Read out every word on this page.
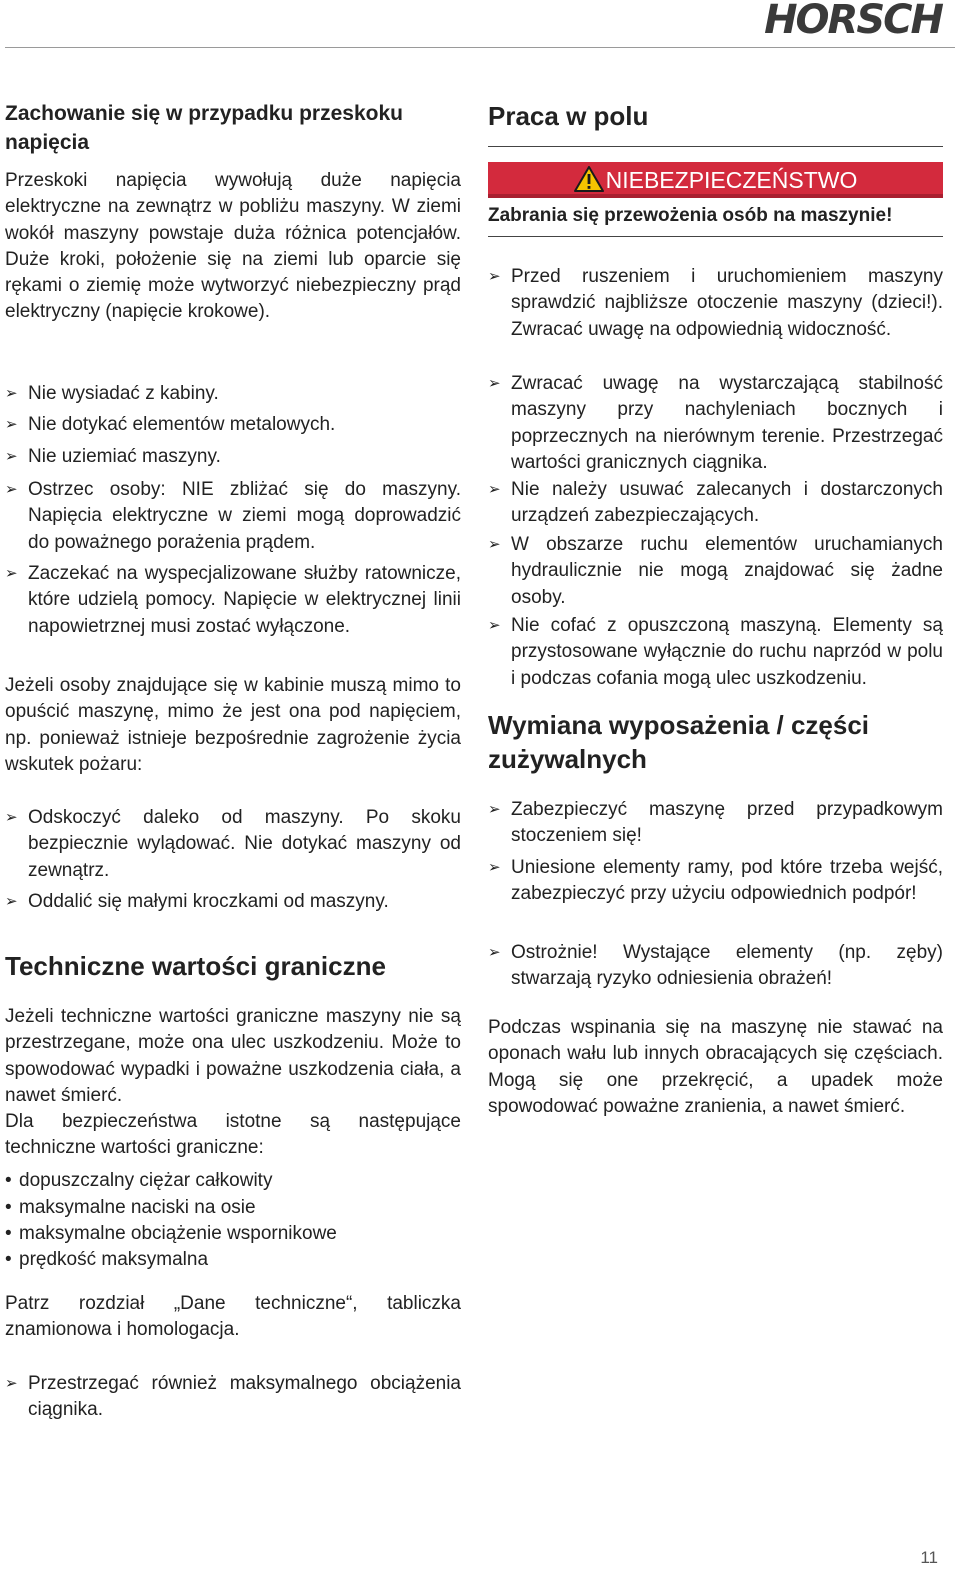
HORSCH
Zachowanie się w przypadku przeskoku napięcia
Przeskoki napięcia wywołują duże napięcia elektryczne na zewnątrz w pobliżu maszyny. W ziemi wokół maszyny powstaje duża różnica potencjałów. Duże kroki, położenie się na ziemi lub oparcie się rękami o ziemię może wytworzyć niebezpieczny prąd elektryczny (napięcie krokowe).
➢ Nie wysiadać z kabiny.
➢ Nie dotykać elementów metalowych.
➢ Nie uziemiać maszyny.
➢ Ostrzec osoby: NIE zbliżać się do maszyny. Napięcia elektryczne w ziemi mogą doprowadzić do poważnego porażenia prądem.
➢ Zaczekać na wyspecjalizowane służby ratownicze, które udzielą pomocy. Napięcie w elektrycznej linii napowietrznej musi zostać wyłączone.
Jeżeli osoby znajdujące się w kabinie muszą mimo to opuścić maszynę, mimo że jest ona pod napięciem, np. ponieważ istnieje bezpośrednie zagrożenie życia wskutek pożaru:
➢ Odskoczyć daleko od maszyny. Po skoku bezpiecznie wylądować. Nie dotykać maszyny od zewnątrz.
➢ Oddalić się małymi kroczkami od maszyny.
Techniczne wartości graniczne
Jeżeli techniczne wartości graniczne maszyny nie są przestrzegane, może ona ulec uszkodzeniu. Może to spowodować wypadki i poważne uszkodzenia ciała, a nawet śmierć.
Dla bezpieczeństwa istotne są następujące techniczne wartości graniczne:
• dopuszczalny ciężar całkowity
• maksymalne naciski na osie
• maksymalne obciążenie wspornikowe
• prędkość maksymalna
Patrz rozdział „Dane techniczne“, tabliczka znamionowa i homologacja.
➢ Przestrzegać również maksymalnego obciążenia ciągnika.
Praca w polu
NIEBEZPIECZEŃSTWO
Zabrania się przewożenia osób na maszynie!
➢ Przed ruszeniem i uruchomieniem maszyny sprawdzić najbliższe otoczenie maszyny (dzieci!). Zwracać uwagę na odpowiednią widoczność.
➢ Zwracać uwagę na wystarczającą stabilność maszyny przy nachyleniach bocznych i poprzecznych na nierównym terenie. Przestrzegać wartości granicznych ciągnika.
➢ Nie należy usuwać zalecanych i dostarczonych urządzeń zabezpieczających.
➢ W obszarze ruchu elementów uruchamianych hydraulicznie nie mogą znajdować się żadne osoby.
➢ Nie cofać z opuszczoną maszyną. Elementy są przystosowane wyłącznie do ruchu naprzód w polu i podczas cofania mogą ulec uszkodzeniu.
Wymiana wyposażenia / części zużywalnych
➢ Zabezpieczyć maszynę przed przypadkowym stoczeniem się!
➢ Uniesione elementy ramy, pod które trzeba wejść, zabezpieczyć przy użyciu odpowiednich podpór!
➢ Ostrożnie! Wystające elementy (np. zęby) stwarzają ryzyko odniesienia obrażeń!
Podczas wspinania się na maszynę nie stawać na oponach wału lub innych obracających się częściach. Mogą się one przekręcić, a upadek może spowodować poważne zranienia, a nawet śmierć.
11
